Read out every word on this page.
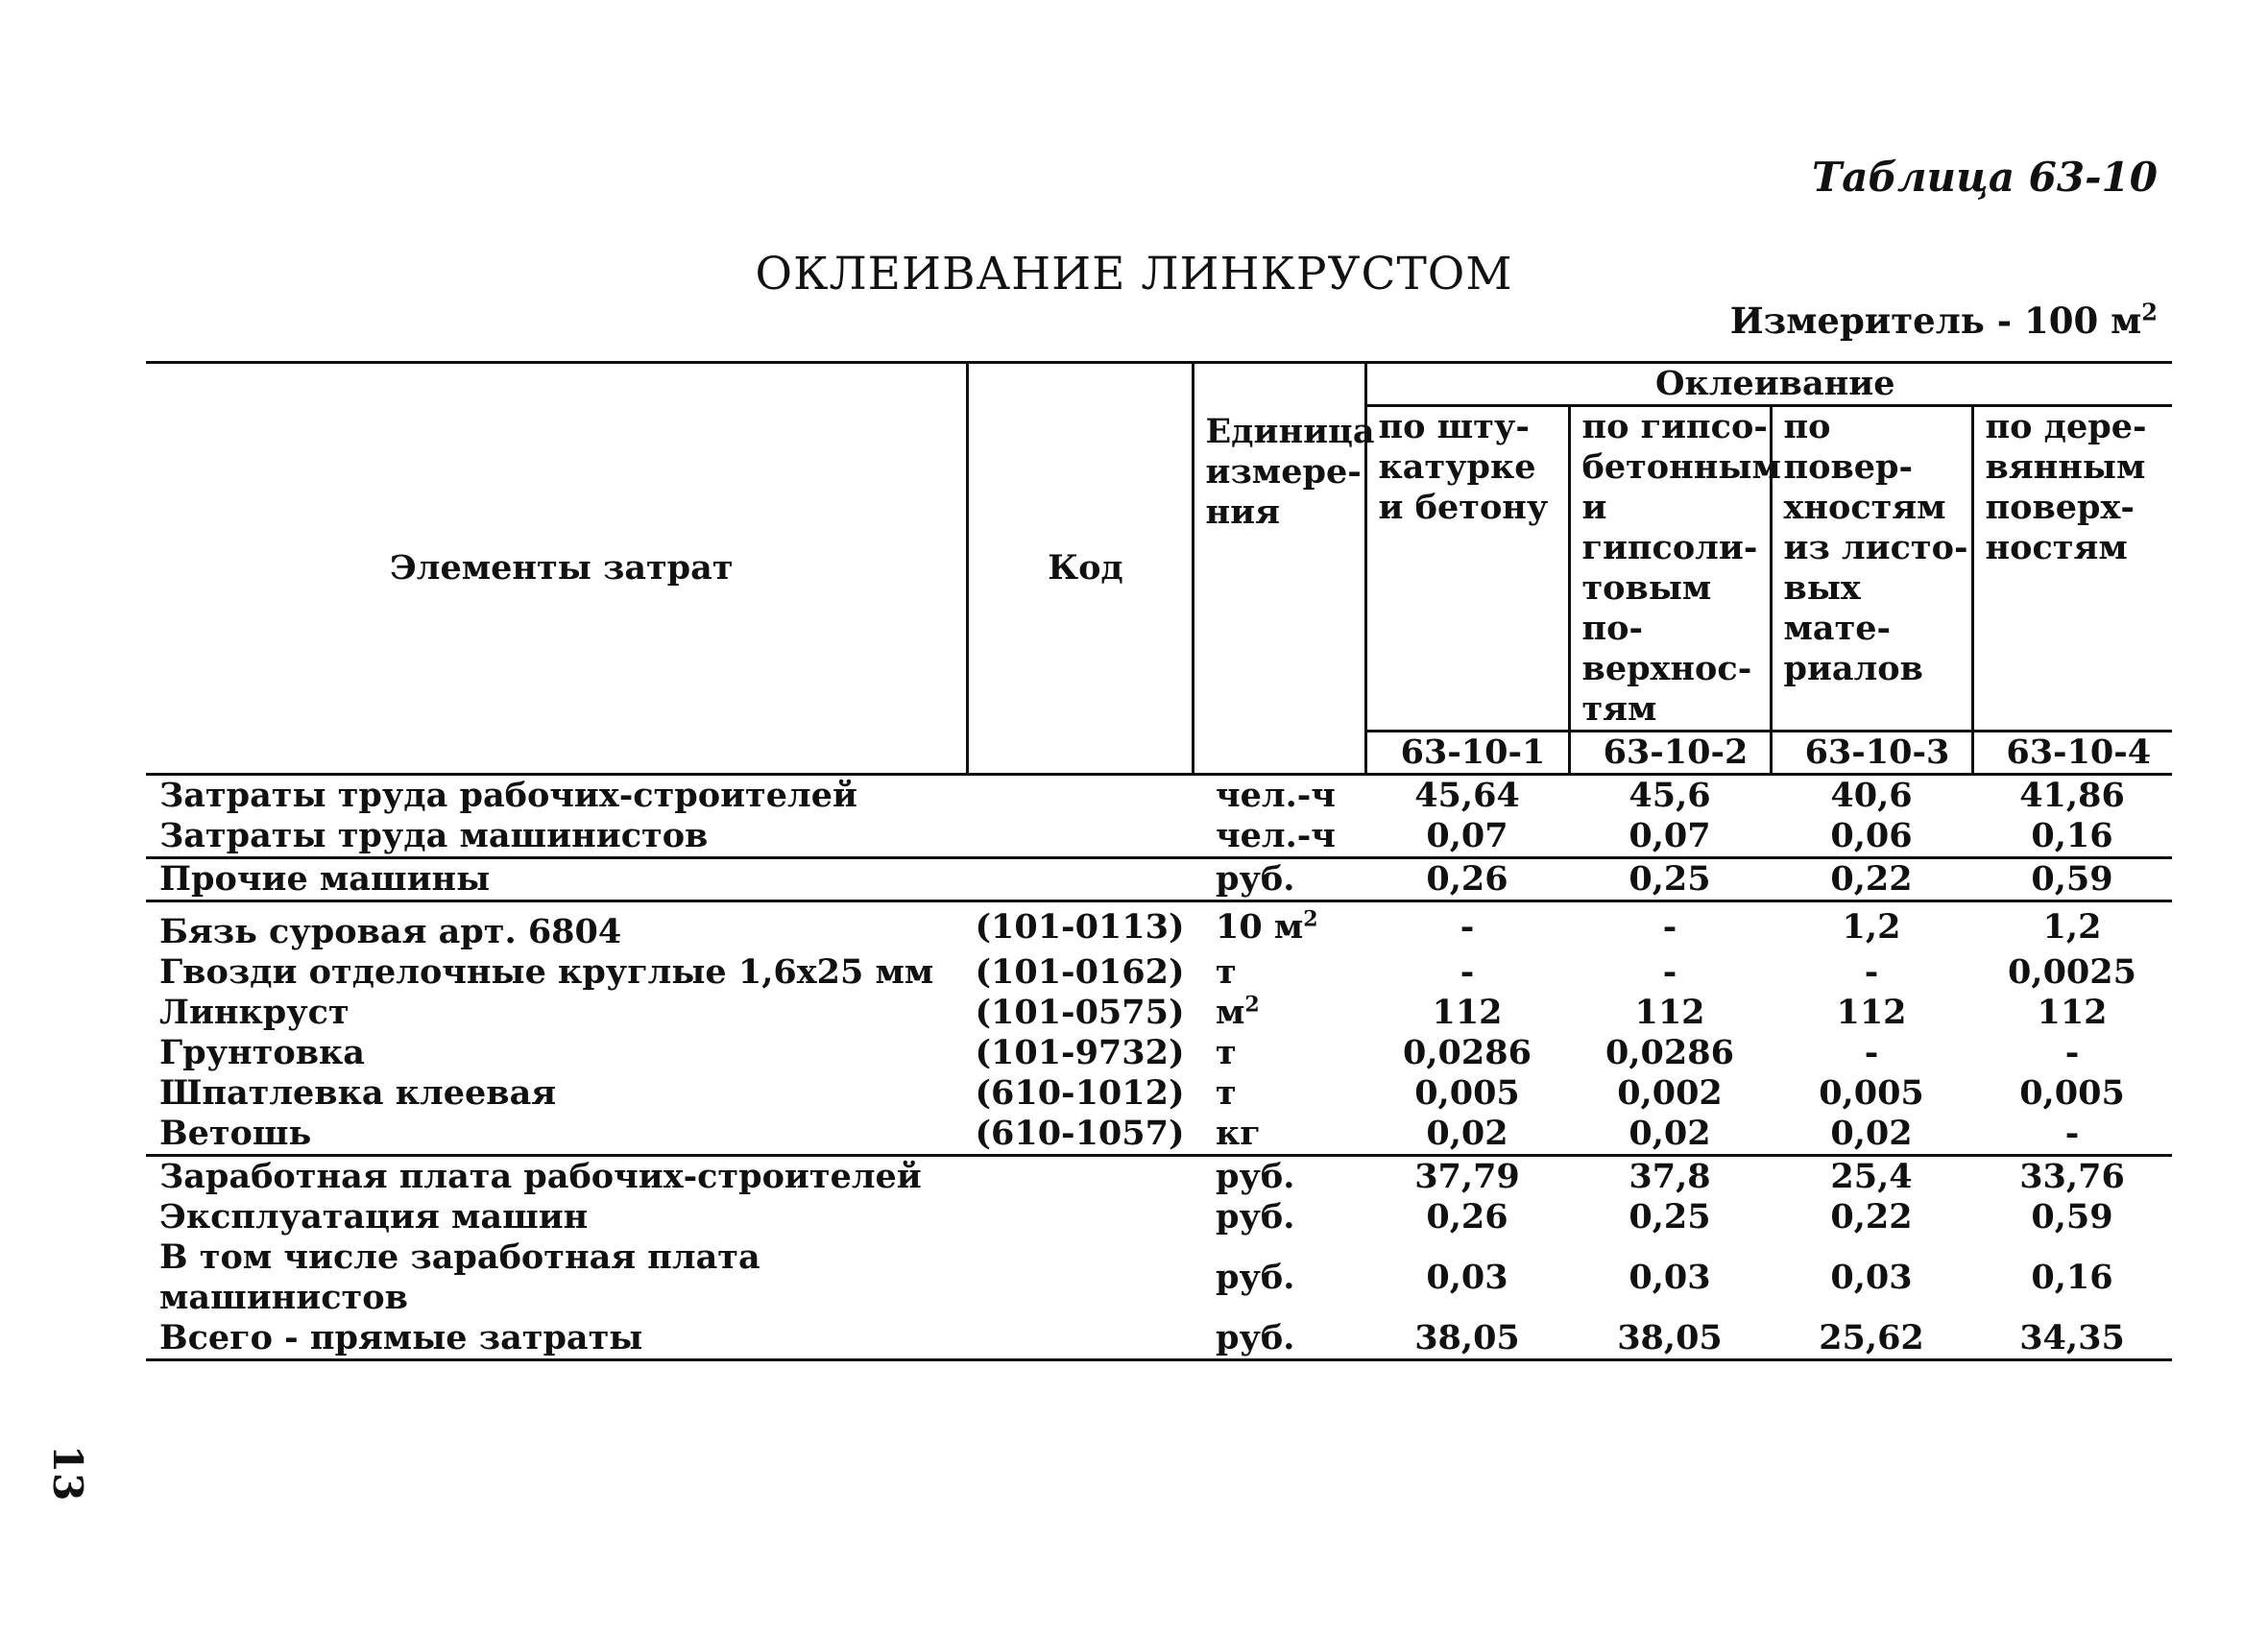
Таблица 63-10
ОКЛЕИВАНИЕ ЛИНКРУСТОМ
Измеритель - 100 $м^2$
Элементы затрат	Код	Единица измере- ния	Оклеивание			
			по шту- катурке и бетону	по гипсо- бетонным и гипсоли- товым по- верхнос- тям	по повер- хностям из листо- вых мате- риалов	по дере- вянным поверх- ностям
			63-10-1	63-10-2	63-10-3	63-10-4
Затраты труда рабочих-строителей		чел.-ч	45,64	45,6	40,6	41,86
Затраты труда машинистов		чел.-ч	0,07	0,07	0,06	0,16
Прочие машины		руб.	0,26	0,25	0,22	0,59
Бязь суровая арт. 6804	(101-0113)	10 $м^2$	-	-	1,2	1,2
Гвозди отделочные круглые 1,6х25 мм	(101-0162)	т	-	-	-	0,0025
Линкруст	(101-0575)	$м^2$	112	112	112	112
Грунтовка	(101-9732)	т	0,0286	0,0286	-	-
Шпатлевка клеевая	(610-1012)	т	0,005	0,002	0,005	0,005
Ветошь	(610-1057)	кг	0,02	0,02	0,02	-
Заработная плата рабочих-строителей		руб.	37,79	37,8	25,4	33,76
Эксплуатация машин		руб.	0,26	0,25	0,22	0,59
В том числе заработная плата машинистов		руб.	0,03	0,03	0,03	0,16
Всего - прямые затраты		руб.	38,05	38,05	25,62	34,35
13
